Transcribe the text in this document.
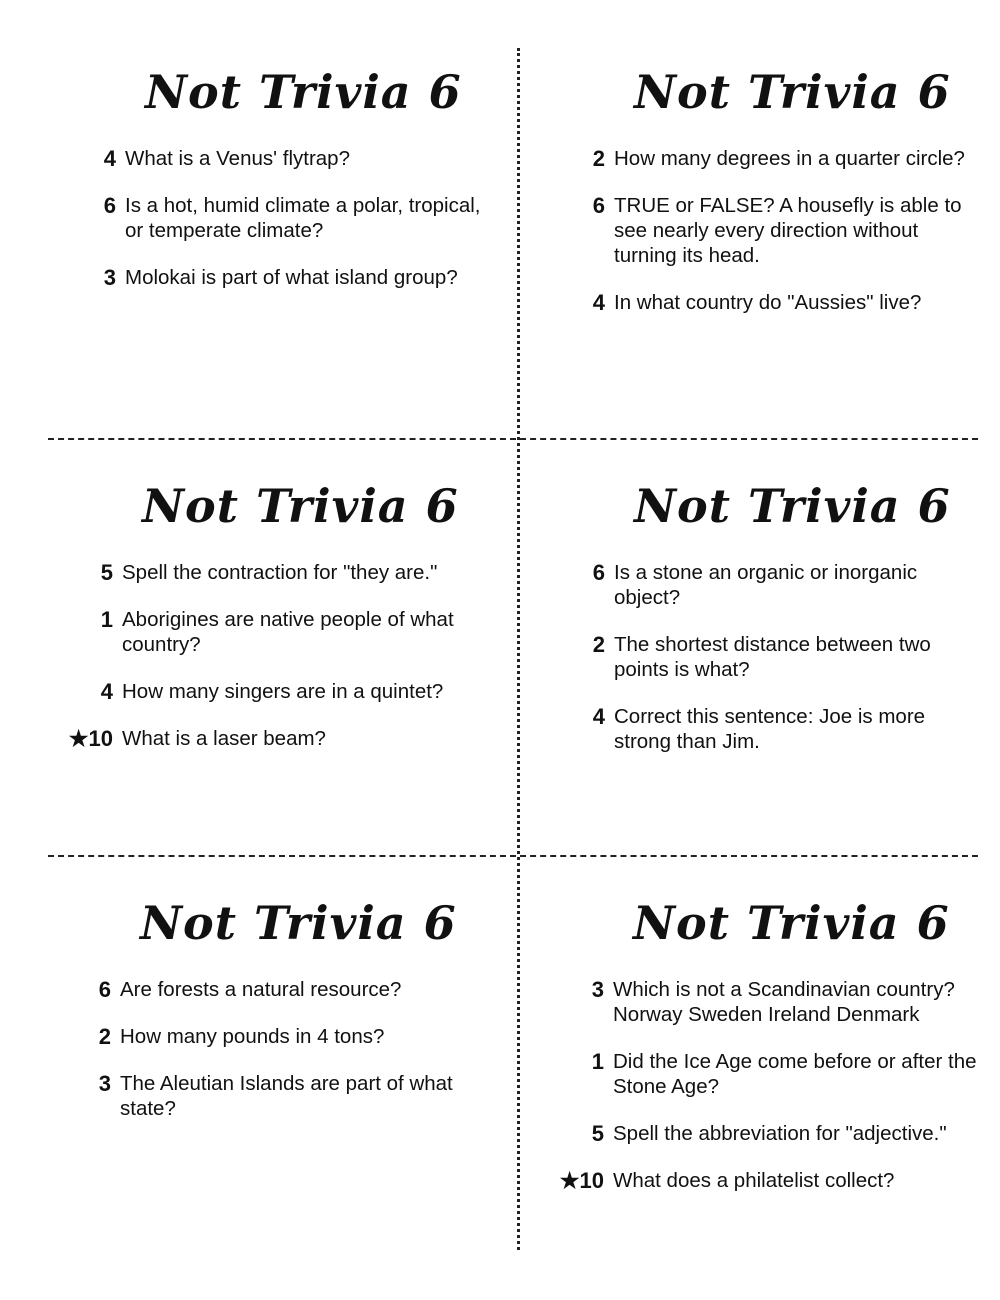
Not Trivia 6
4 What is a Venus' flytrap?
6 Is a hot, humid climate a polar, tropical, or temperate climate?
3 Molokai is part of what island group?
Not Trivia 6
2 How many degrees in a quarter circle?
6 TRUE or FALSE? A housefly is able to see nearly every direction without turning its head.
4 In what country do "Aussies" live?
Not Trivia 6
5 Spell the contraction for "they are."
1 Aborigines are native people of what country?
4 How many singers are in a quintet?
★10 What is a laser beam?
Not Trivia 6
6 Is a stone an organic or inorganic object?
2 The shortest distance between two points is what?
4 Correct this sentence: Joe is more strong than Jim.
Not Trivia 6
6 Are forests a natural resource?
2 How many pounds in 4 tons?
3 The Aleutian Islands are part of what state?
Not Trivia 6
3 Which is not a Scandinavian country? Norway Sweden Ireland Denmark
1 Did the Ice Age come before or after the Stone Age?
5 Spell the abbreviation for "adjective."
★10 What does a philatelist collect?
